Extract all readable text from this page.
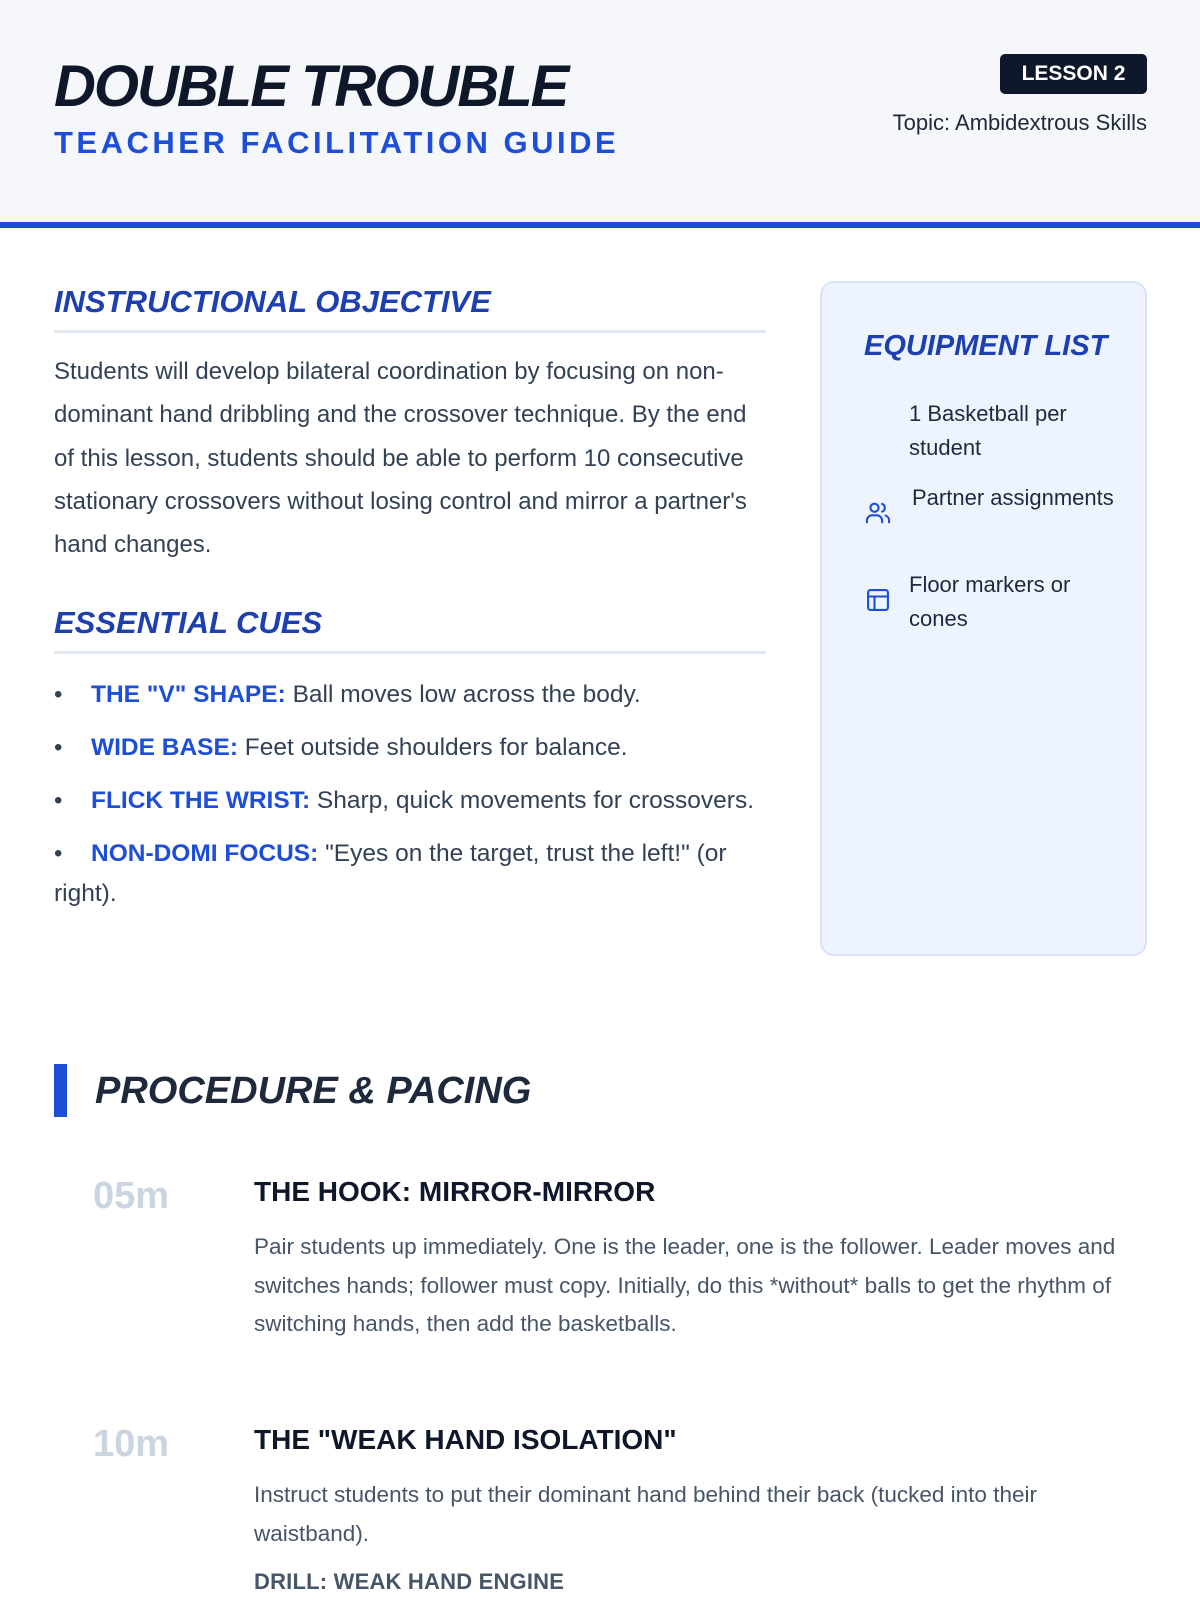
DOUBLE TROUBLE
TEACHER FACILITATION GUIDE
LESSON 2
Topic: Ambidextrous Skills
INSTRUCTIONAL OBJECTIVE
Students will develop bilateral coordination by focusing on non-dominant hand dribbling and the crossover technique. By the end of this lesson, students should be able to perform 10 consecutive stationary crossovers without losing control and mirror a partner's hand changes.
ESSENTIAL CUES
• THE "V" SHAPE: Ball moves low across the body.
• WIDE BASE: Feet outside shoulders for balance.
• FLICK THE WRIST: Sharp, quick movements for crossovers.
• NON-DOMI FOCUS: "Eyes on the target, trust the left!" (or right).
EQUIPMENT LIST
1 Basketball per student
Partner assignments
Floor markers or cones
PROCEDURE & PACING
05m	THE HOOK: MIRROR-MIRROR
Pair students up immediately. One is the leader, one is the follower. Leader moves and switches hands; follower must copy. Initially, do this *without* balls to get the rhythm of switching hands, then add the basketballs.
10m	THE "WEAK HAND ISOLATION"
Instruct students to put their dominant hand behind their back (tucked into their waistband).
DRILL: WEAK HAND ENGINE
